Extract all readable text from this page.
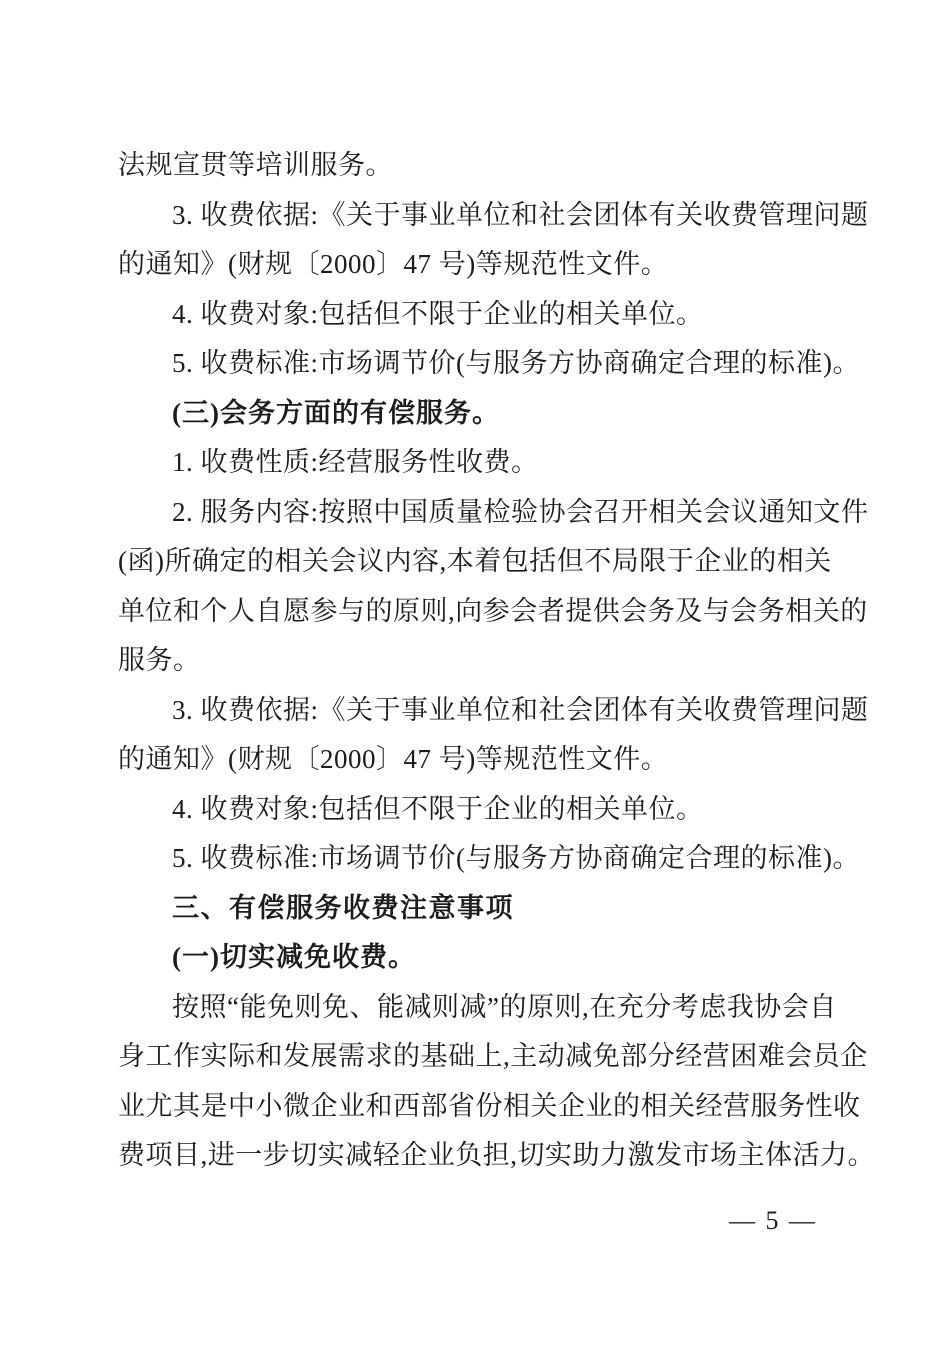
法规宣贯等培训服务。
3. 收费依据:《关于事业单位和社会团体有关收费管理问题
的通知》(财规〔2000〕47 号)等规范性文件。
4. 收费对象:包括但不限于企业的相关单位。
5. 收费标准:市场调节价(与服务方协商确定合理的标准)。
(三)会务方面的有偿服务。
1. 收费性质:经营服务性收费。
2. 服务内容:按照中国质量检验协会召开相关会议通知文件
(函)所确定的相关会议内容,本着包括但不局限于企业的相关
单位和个人自愿参与的原则,向参会者提供会务及与会务相关的
服务。
3. 收费依据:《关于事业单位和社会团体有关收费管理问题
的通知》(财规〔2000〕47 号)等规范性文件。
4. 收费对象:包括但不限于企业的相关单位。
5. 收费标准:市场调节价(与服务方协商确定合理的标准)。
三、有偿服务收费注意事项
(一)切实减免收费。
按照“能免则免、能减则减”的原则,在充分考虑我协会自
身工作实际和发展需求的基础上,主动减免部分经营困难会员企
业尤其是中小微企业和西部省份相关企业的相关经营服务性收
费项目,进一步切实减轻企业负担,切实助力激发市场主体活力。
— 5 —
